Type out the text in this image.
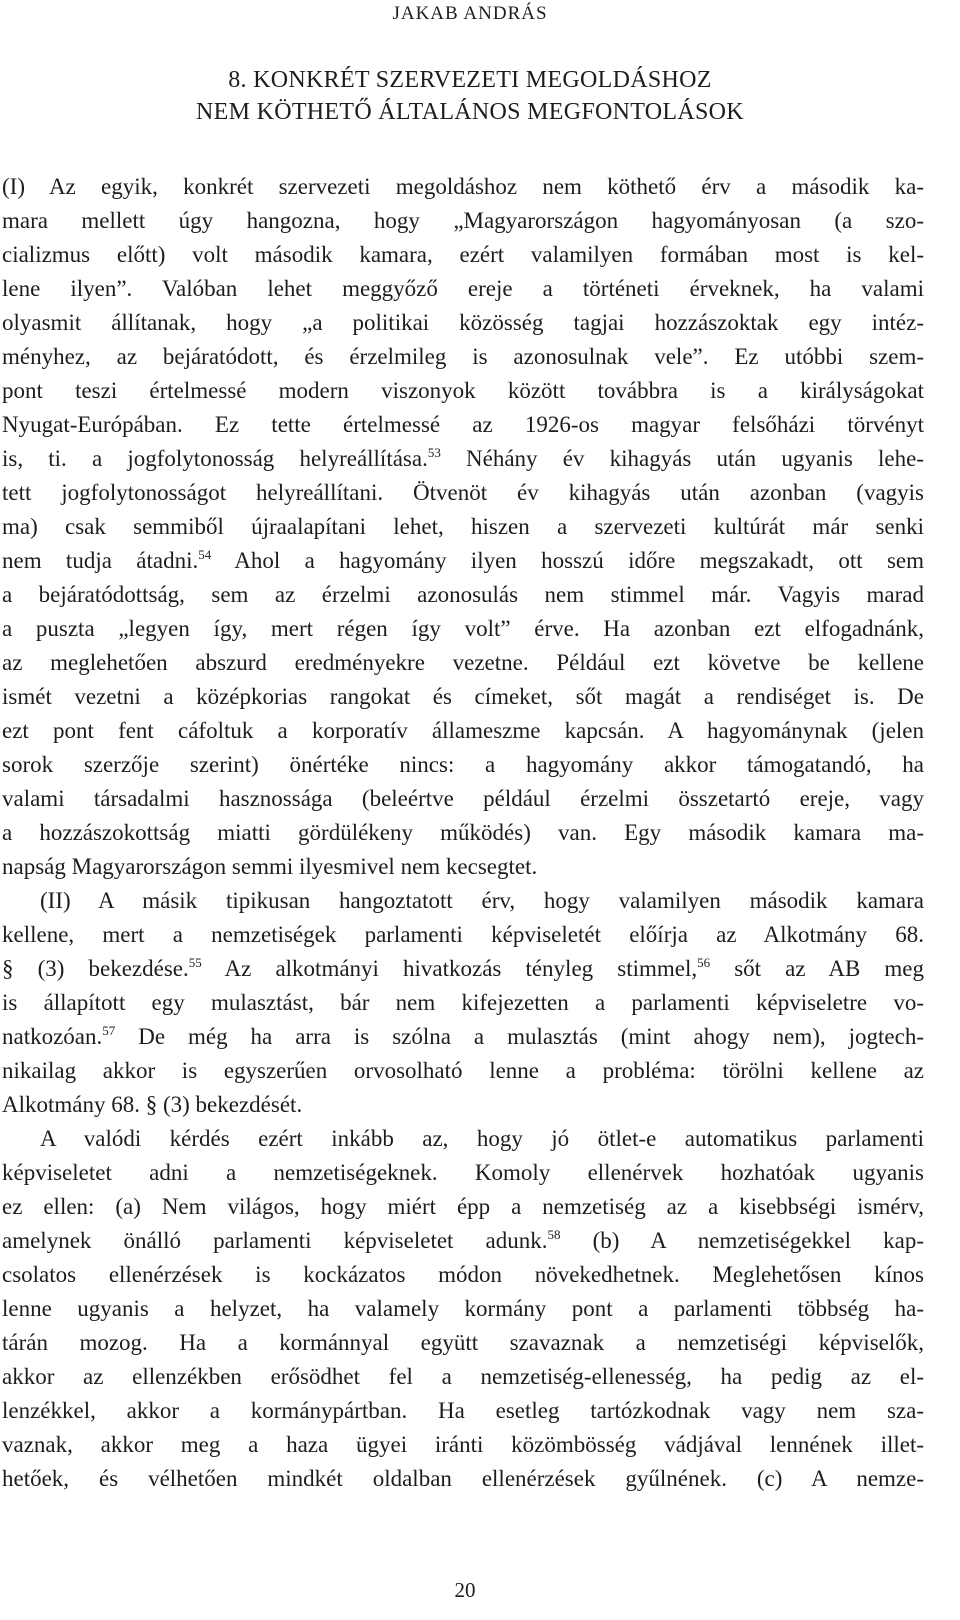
JAKAB ANDRÁS
8. KONKRÉT SZERVEZETI MEGOLDÁSHOZ
NEM KÖTHETŐ ÁLTALÁNOS MEGFONTOLÁSOK
(I) Az egyik, konkrét szervezeti megoldáshoz nem köthető érv a második ka-
mara mellett úgy hangozna, hogy „Magyarországon hagyományosan (a szo-
cializmus előtt) volt második kamara, ezért valamilyen formában most is kel-
lene ilyen”. Valóban lehet meggyőző ereje a történeti érveknek, ha valami
olyasmit állítanak, hogy „a politikai közösség tagjai hozzászoktak egy intéz-
ményhez, az bejáratódott, és érzelmileg is azonosulnak vele”. Ez utóbbi szem-
pont teszi értelmessé modern viszonyok között továbbra is a királyságokat
Nyugat-Európában. Ez tette értelmessé az 1926-os magyar felsőházi törvényt
is, ti. a jogfolytonosság helyreállítása.$^{53}$ Néhány év kihagyás után ugyanis lehe-
tett jogfolytonosságot helyreállítani. Ötvenöt év kihagyás után azonban (vagyis
ma) csak semmiből újraalapítani lehet, hiszen a szervezeti kultúrát már senki
nem tudja átadni.$^{54}$ Ahol a hagyomány ilyen hosszú időre megszakadt, ott sem
a bejáratódottság, sem az érzelmi azonosulás nem stimmel már. Vagyis marad
a puszta „legyen így, mert régen így volt” érve. Ha azonban ezt elfogadnánk,
az meglehetően abszurd eredményekre vezetne. Például ezt követve be kellene
ismét vezetni a középkorias rangokat és címeket, sőt magát a rendiséget is. De
ezt pont fent cáfoltuk a korporatív állameszme kapcsán. A hagyománynak (jelen
sorok szerzője szerint) önértéke nincs: a hagyomány akkor támogatandó, ha
valami társadalmi hasznossága (beleértve például érzelmi összetartó ereje, vagy
a hozzászokottság miatti gördülékeny működés) van. Egy második kamara ma-
napság Magyarországon semmi ilyesmivel nem kecsegtet.
(II) A másik tipikusan hangoztatott érv, hogy valamilyen második kamara
kellene, mert a nemzetiségek parlamenti képviseletét előírja az Alkotmány 68.
§ (3) bekezdése.$^{55}$ Az alkotmányi hivatkozás tényleg stimmel,$^{56}$ sőt az AB meg
is állapított egy mulasztást, bár nem kifejezetten a parlamenti képviseletre vo-
natkozóan.$^{57}$ De még ha arra is szólna a mulasztás (mint ahogy nem), jogtech-
nikailag akkor is egyszerűen orvosolható lenne a probléma: törölni kellene az
Alkotmány 68. § (3) bekezdését.
A valódi kérdés ezért inkább az, hogy jó ötlet-e automatikus parlamenti
képviseletet adni a nemzetiségeknek. Komoly ellenérvek hozhatóak ugyanis
ez ellen: (a) Nem világos, hogy miért épp a nemzetiség az a kisebbségi ismérv,
amelynek önálló parlamenti képviseletet adunk.$^{58}$ (b) A nemzetiségekkel kap-
csolatos ellenérzések is kockázatos módon növekedhetnek. Meglehetősen kínos
lenne ugyanis a helyzet, ha valamely kormány pont a parlamenti többség ha-
tárán mozog. Ha a kormánnyal együtt szavaznak a nemzetiségi képviselők,
akkor az ellenzékben erősödhet fel a nemzetiség-ellenesség, ha pedig az el-
lenzékkel, akkor a kormánypártban. Ha esetleg tartózkodnak vagy nem sza-
vaznak, akkor meg a haza ügyei iránti közömbösség vádjával lennének illet-
hetőek, és vélhetően mindkét oldalban ellenérzések gyűlnének. (c) A nemze-
20
